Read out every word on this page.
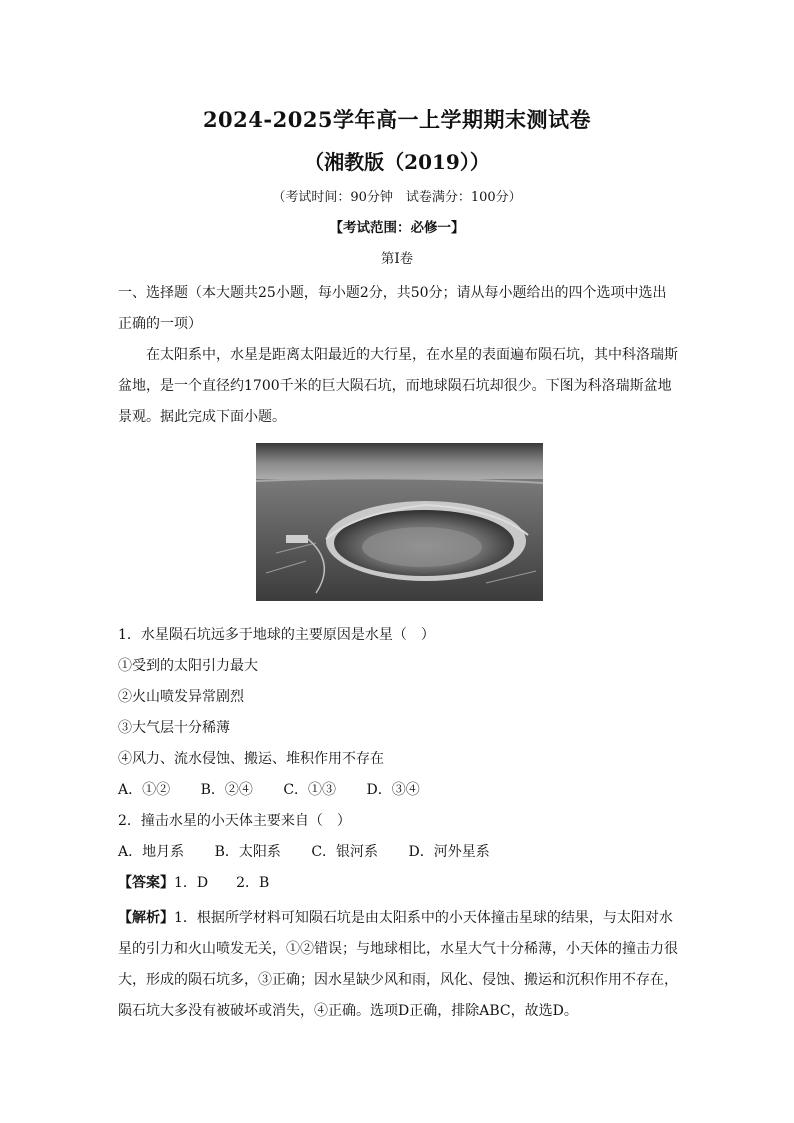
2024-2025学年高一上学期期末测试卷
（湘教版（2019））
（考试时间：90分钟　试卷满分：100分）
【考试范围：必修一】
第Ⅰ卷
一、选择题（本大题共25小题，每小题2分，共50分；请从每小题给出的四个选项中选出正确的一项）
在太阳系中，水星是距离太阳最近的大行星，在水星的表面遍布陨石坑，其中科洛瑞斯盆地，是一个直径约1700千米的巨大陨石坑，而地球陨石坑却很少。下图为科洛瑞斯盆地景观。据此完成下面小题。
1．水星陨石坑远多于地球的主要原因是水星（　）
①受到的太阳引力最大
②火山喷发异常剧烈
③大气层十分稀薄
④风力、流水侵蚀、搬运、堆积作用不存在
A．①② B．②④ C．①③ D．③④
2．撞击水星的小天体主要来自（　）
A．地月系 B．太阳系 C．银河系 D．河外星系
【答案】1．D　　2．B
【解析】1．根据所学材料可知陨石坑是由太阳系中的小天体撞击星球的结果，与太阳对水星的引力和火山喷发无关，①②错误；与地球相比，水星大气十分稀薄，小天体的撞击力很大，形成的陨石坑多，③正确；因水星缺少风和雨，风化、侵蚀、搬运和沉积作用不存在，陨石坑大多没有被破坏或消失，④正确。选项D正确，排除ABC，故选D。
